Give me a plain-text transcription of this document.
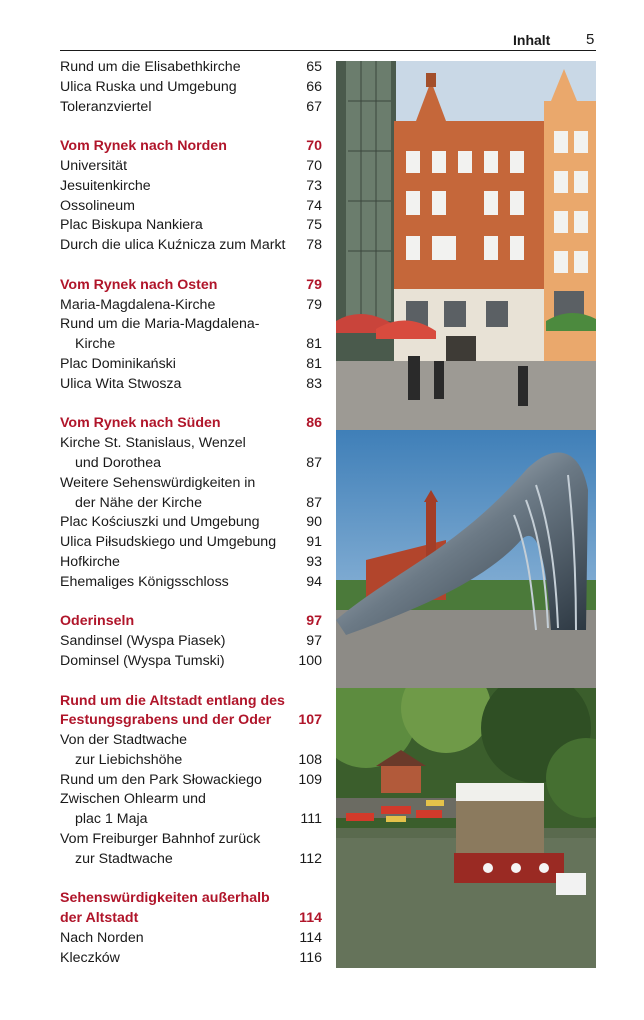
Inhalt 5
Rund um die Elisabethkirche	65
Ulica Ruska und Umgebung	66
Toleranzviertel	67
Vom Rynek nach Norden	70
Universität	70
Jesuitenkirche	73
Ossolineum	74
Plac Biskupa Nankiera	75
Durch die ulica Kuźnicza zum Markt 78
Vom Rynek nach Osten	79
Maria-Magdalena-Kirche	79
Rund um die Maria-Magdalena-
Kirche	81
Plac Dominikański	81
Ulica Wita Stwosza	83
Vom Rynek nach Süden	86
Kirche St. Stanislaus, Wenzel
und Dorothea	87
Weitere Sehenswürdigkeiten in
der Nähe der Kirche	87
Plac Kościuszki und Umgebung	90
Ulica Piłsudskiego und Umgebung 91
Hofkirche	93
Ehemaliges Königsschloss	94
Oderinseln	97
Sandinsel (Wyspa Piasek)	97
Dominsel (Wyspa Tumski)	100
Rund um die Altstadt entlang des
Festungsgrabens und der Oder 107
Von der Stadtwache
zur Liebichshöhe	108
Rund um den Park Słowackiego	109
Zwischen Ohlearm und
plac 1 Maja	111
Vom Freiburger Bahnhof zurück
zur Stadtwache	112
Sehenswürdigkeiten außerhalb
der Altstadt	114
Nach Norden	114
Kleczków	116
